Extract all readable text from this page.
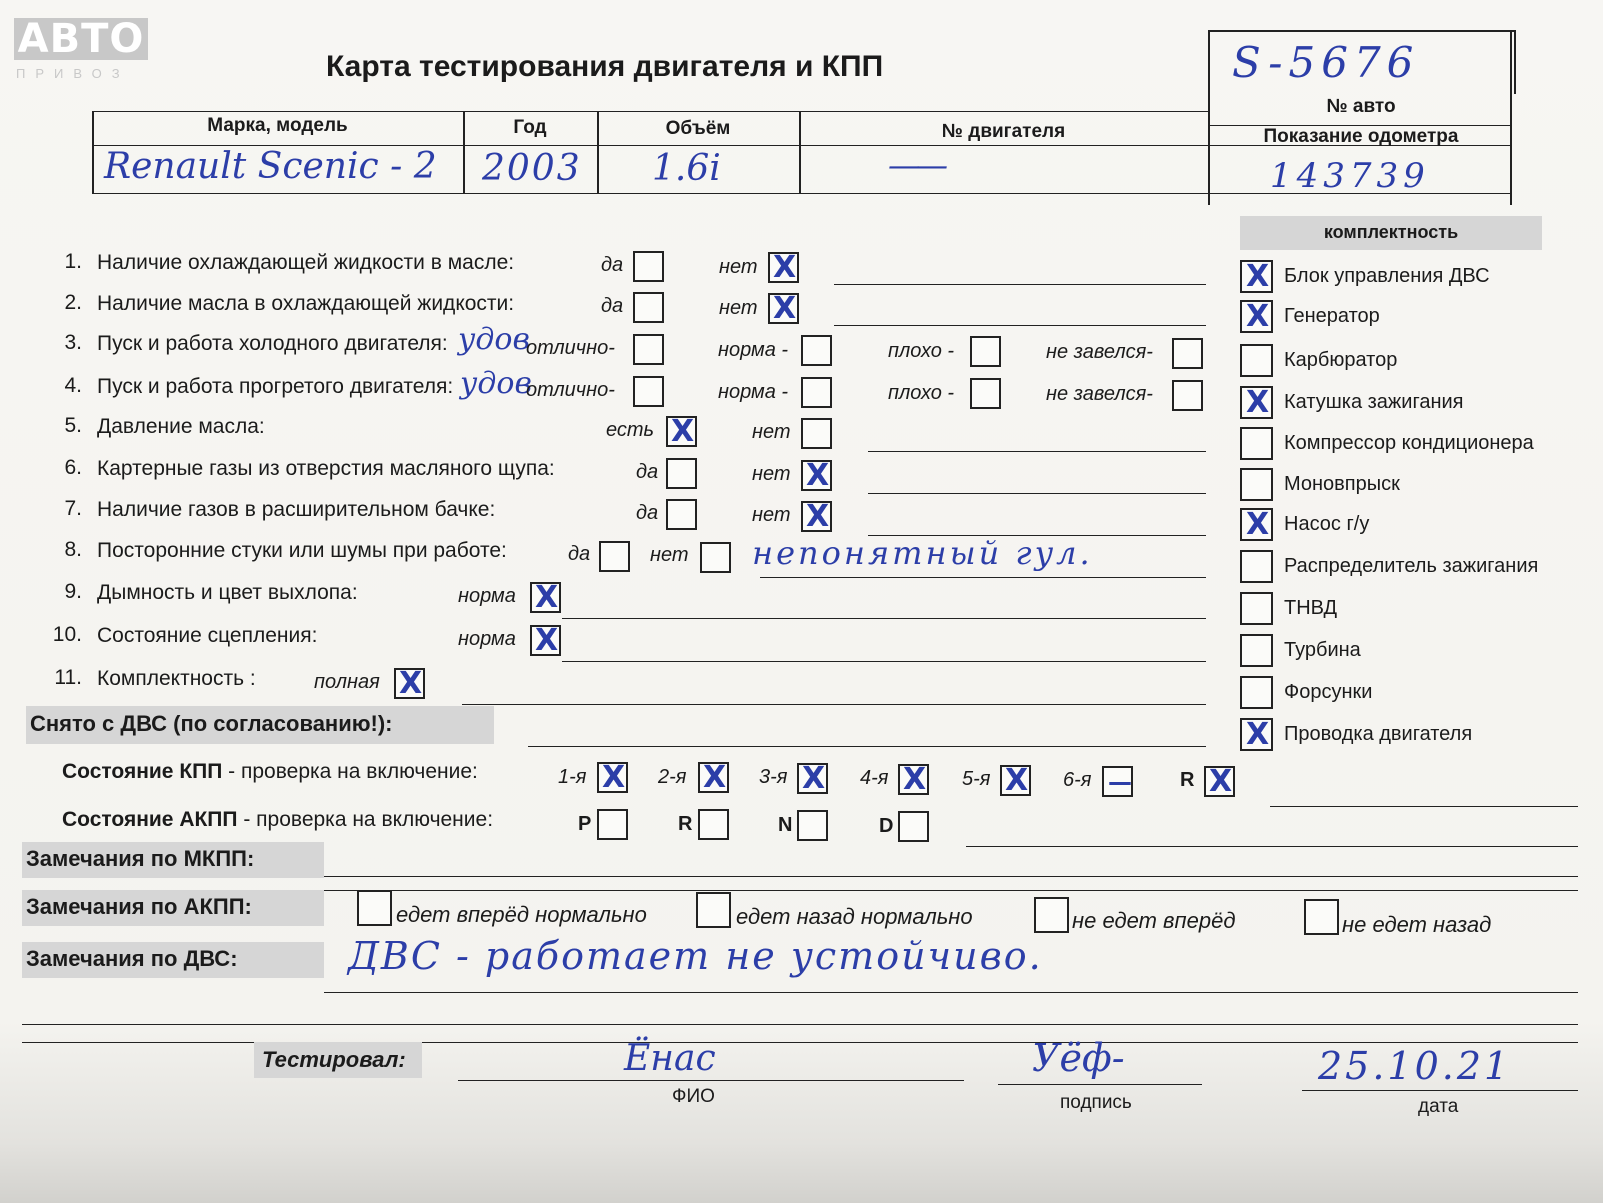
АВТО
ПРИВОЗ	Карта тестирования двигателя и КПП	S-5676
№ авто
Марка, модель	Год	Объём	№ двигателя	Показание одометра
Renault Scenic - 2 2003 1.6i	——	143739
1. Наличие охлаждающей жидкости в масле:	да	нет X
2. Наличие масла в охлаждающей жидкости:	да	нет X
3. Пуск и работа холодного двигателя: удов
отлично-	норма -	плохо -	не завелся-
4. Пуск и работа прогретого двигателя: удов
отлично-	норма -	плохо -	не завелся-
5. Давление масла:	есть X	нет
6. Картерные газы из отверстия масляного щупа:	да	нет X
7. Наличие газов в расширительном бачке:	да	нет X
8. Посторонние стуки или шумы при работе:	да	нет непонятный гул.
9. Дымность и цвет выхлопа:	норма X
10. Состояние сцепления:	норма X
11. Комплектность :	полная X
Снято с ДВС (по согласованию!):
Состояние КПП - проверка на включение:	1-я X 2-я X 3-я X 4-я X 5-я X 6-я — R X
Состояние АКПП - проверка на включение:	P	R	N	D
Замечания по МКПП:
Замечания по АКПП:	едет вперёд нормально	едет назад нормально	не едет вперёд	не едет назад
Замечания по ДВС:	ДВС - работает не устойчиво.
Тестировал:	Ёнас
ФИО
Уёф-
подпись
25.10.21
дата
комплектность
X Блок управления ДВС
X Генератор
Карбюратор
X Катушка зажигания
Компрессор кондиционера
Моновпрыск
X Насос г/у
Распределитель зажигания
ТНВД
Турбина
Форсунки
X Проводка двигателя
